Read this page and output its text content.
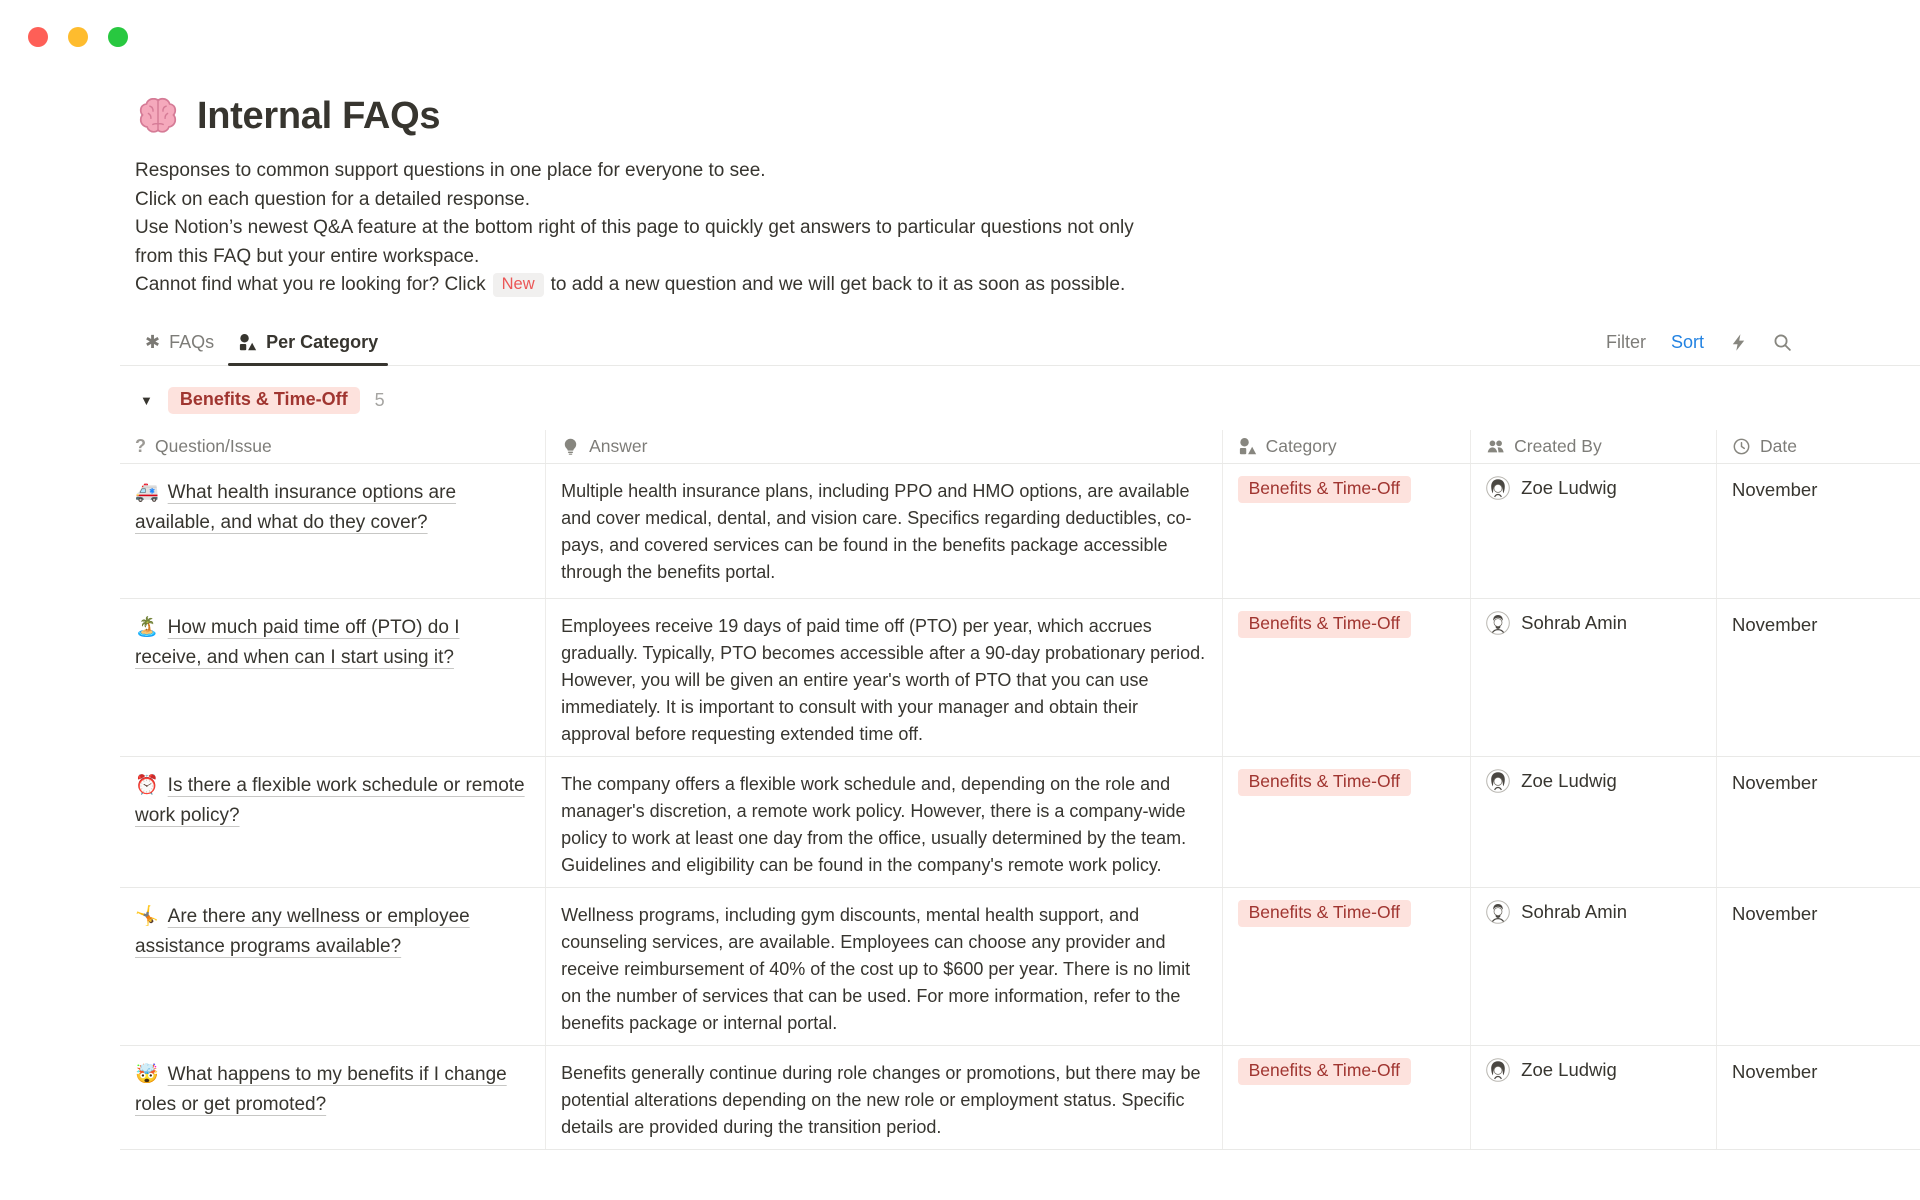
Internal FAQs
Responses to common support questions in one place for everyone to see.
Click on each question for a detailed response.
Use Notion’s newest Q&A feature at the bottom right of this page to quickly get answers to particular questions not only
from this FAQ but your entire workspace.
Cannot find what you re looking for? Click New to add a new question and we will get back to it as soon as possible.
✱ FAQs	Per Category	Filter Sort
▼	Benefits & Time-Off	5
? Question/Issue	Answer	Category	Created By	Date
🚑 What health insurance options are available, and what do they cover?
Multiple health insurance plans, including PPO and HMO options, are available and cover medical, dental, and vision care. Specifics regarding deductibles, co-pays, and covered services can be found in the benefits package accessible through the benefits portal.
Benefits & Time-Off	Zoe Ludwig	November
🏝️ How much paid time off (PTO) do I receive, and when can I start using it?
Employees receive 19 days of paid time off (PTO) per year, which accrues gradually. Typically, PTO becomes accessible after a 90-day probationary period. However, you will be given an entire year's worth of PTO that you can use immediately. It is important to consult with your manager and obtain their approval before requesting extended time off.
Benefits & Time-Off	Sohrab Amin	November
⏰ Is there a flexible work schedule or remote work policy?
The company offers a flexible work schedule and, depending on the role and manager's discretion, a remote work policy. However, there is a company-wide policy to work at least one day from the office, usually determined by the team. Guidelines and eligibility can be found in the company's remote work policy.
Benefits & Time-Off	Zoe Ludwig	November
🤸 Are there any wellness or employee assistance programs available?
Wellness programs, including gym discounts, mental health support, and counseling services, are available. Employees can choose any provider and receive reimbursement of 40% of the cost up to $600 per year. There is no limit on the number of services that can be used. For more information, refer to the benefits package or internal portal.
Benefits & Time-Off	Sohrab Amin	November
🤯 What happens to my benefits if I change roles or get promoted?
Benefits generally continue during role changes or promotions, but there may be potential alterations depending on the new role or employment status. Specific details are provided during the transition period.
Benefits & Time-Off	Zoe Ludwig	November
